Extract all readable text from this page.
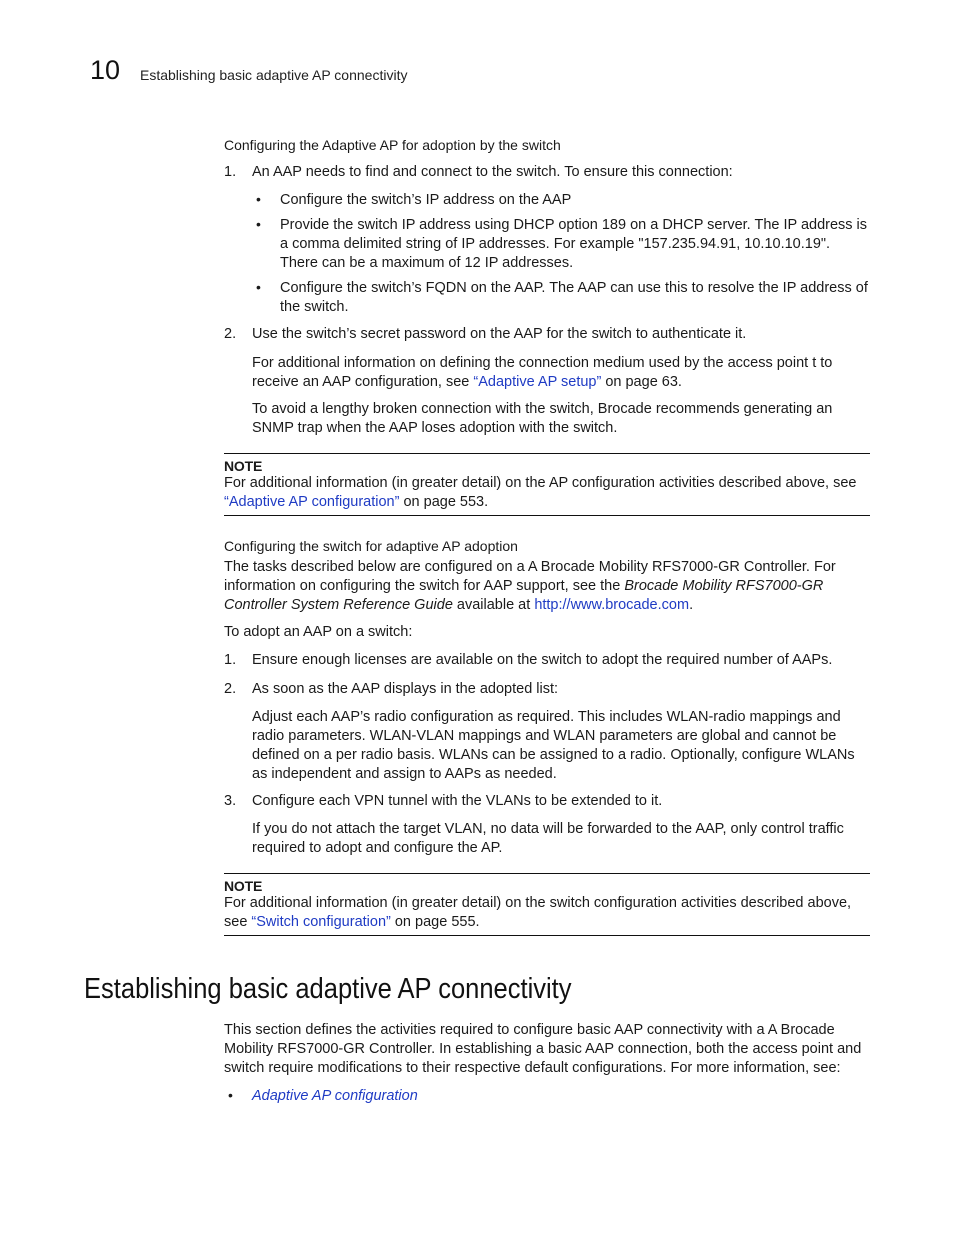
10 Establishing basic adaptive AP connectivity
Configuring the Adaptive AP for adoption by the switch
1. An AAP needs to find and connect to the switch. To ensure this connection:
• Configure the switch’s IP address on the AAP
• Provide the switch IP address using DHCP option 189 on a DHCP server. The IP address is a comma delimited string of IP addresses. For example "157.235.94.91, 10.10.10.19". There can be a maximum of 12 IP addresses.
• Configure the switch’s FQDN on the AAP. The AAP can use this to resolve the IP address of the switch.
2. Use the switch’s secret password on the AAP for the switch to authenticate it.
For additional information on defining the connection medium used by the access point t to receive an AAP configuration, see “Adaptive AP setup” on page 63.
To avoid a lengthy broken connection with the switch, Brocade recommends generating an SNMP trap when the AAP loses adoption with the switch.
NOTE
For additional information (in greater detail) on the AP configuration activities described above, see “Adaptive AP configuration” on page 553.
Configuring the switch for adaptive AP adoption
The tasks described below are configured on a A Brocade Mobility RFS7000-GR Controller. For information on configuring the switch for AAP support, see the Brocade Mobility RFS7000-GR Controller System Reference Guide available at http://www.brocade.com.
To adopt an AAP on a switch:
1. Ensure enough licenses are available on the switch to adopt the required number of AAPs.
2. As soon as the AAP displays in the adopted list:
Adjust each AAP’s radio configuration as required. This includes WLAN-radio mappings and radio parameters. WLAN-VLAN mappings and WLAN parameters are global and cannot be defined on a per radio basis. WLANs can be assigned to a radio. Optionally, configure WLANs as independent and assign to AAPs as needed.
3. Configure each VPN tunnel with the VLANs to be extended to it.
If you do not attach the target VLAN, no data will be forwarded to the AAP, only control traffic required to adopt and configure the AP.
NOTE
For additional information (in greater detail) on the switch configuration activities described above, see “Switch configuration” on page 555.
Establishing basic adaptive AP connectivity
This section defines the activities required to configure basic AAP connectivity with a A Brocade Mobility RFS7000-GR Controller. In establishing a basic AAP connection, both the access point and switch require modifications to their respective default configurations. For more information, see:
• Adaptive AP configuration
